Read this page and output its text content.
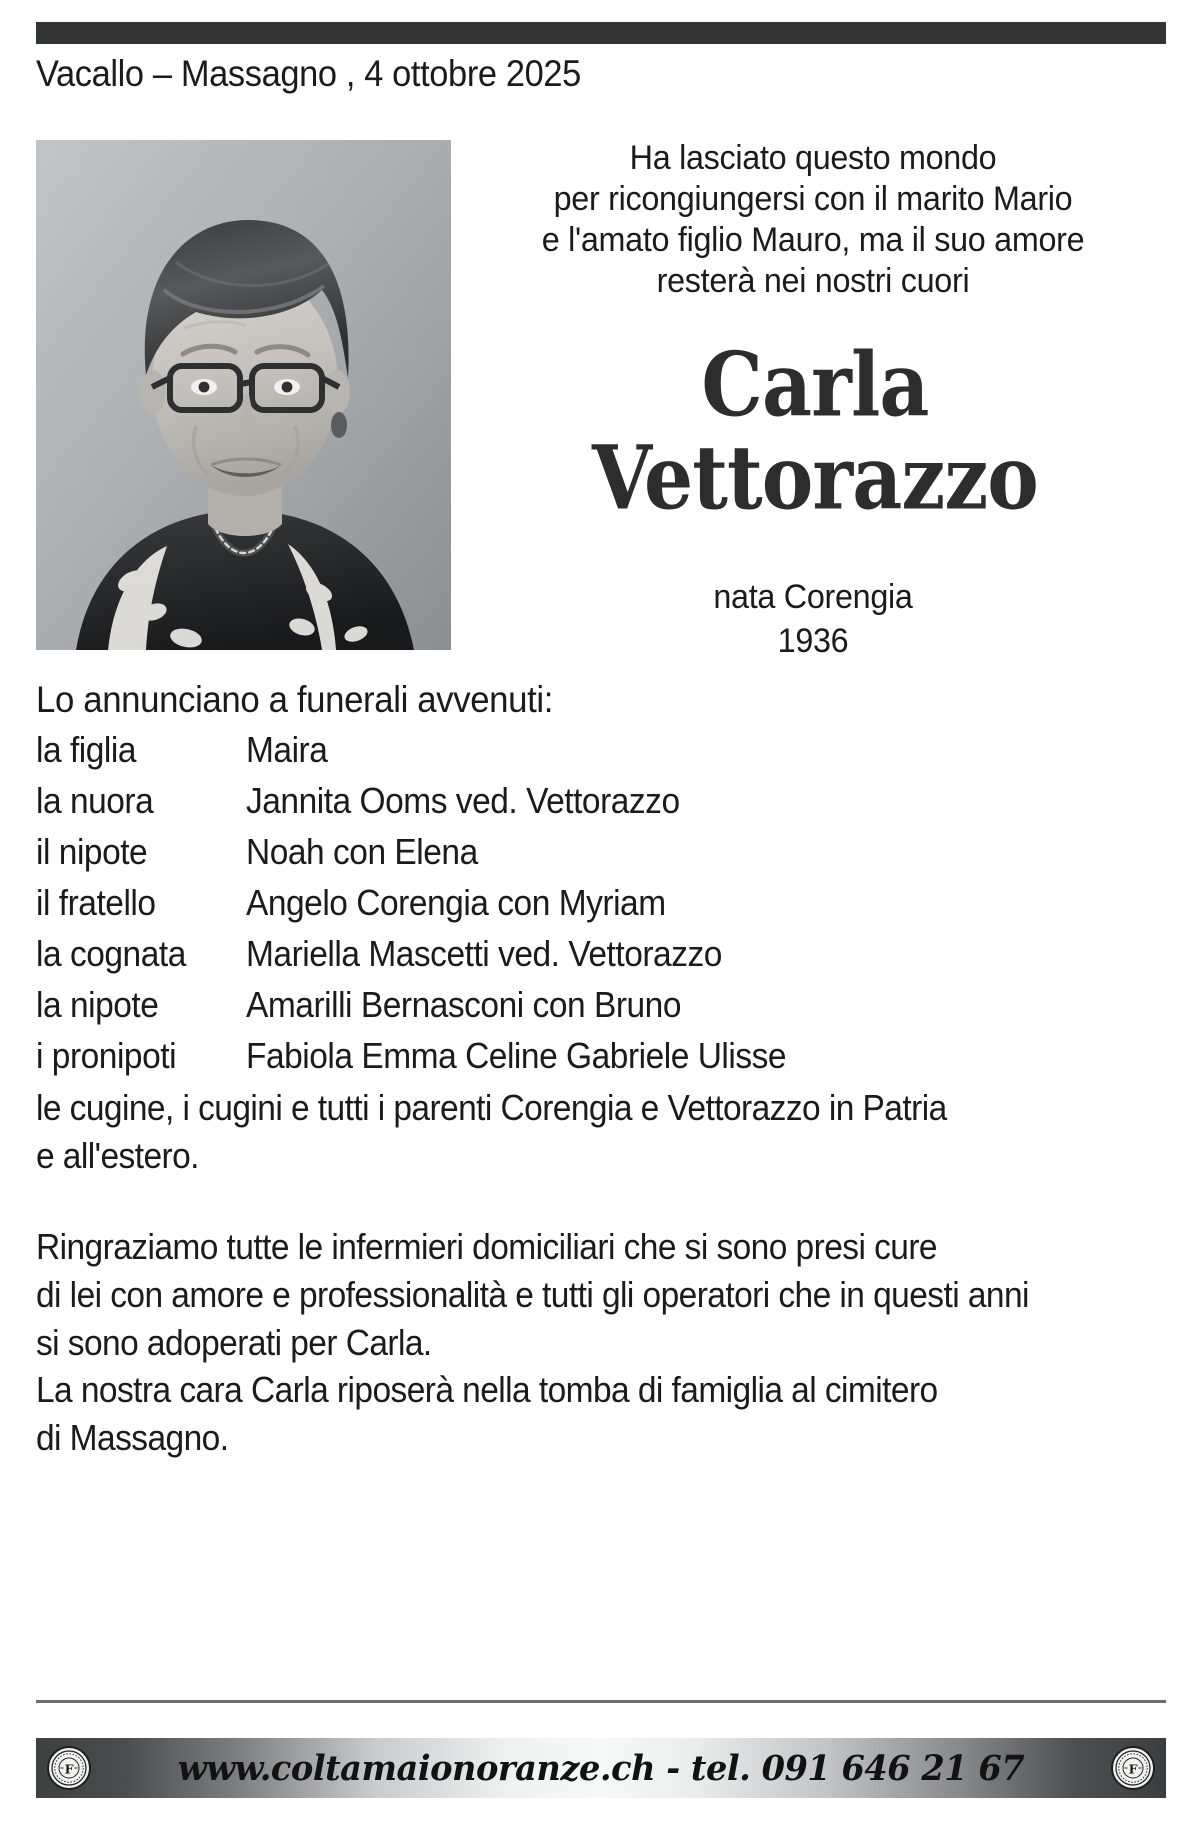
Vacallo – Massagno , 4 ottobre 2025
Ha lasciato questo mondo
per ricongiungersi con il marito Mario
e l'amato figlio Mauro, ma il suo amore
resterà nei nostri cuori
Carla
Vettorazzo
nata Corengia
1936
Lo annunciano a funerali avvenuti:
la figlia	Maira
la nuora	Jannita Ooms ved. Vettorazzo
il nipote	Noah con Elena
il fratello	Angelo Corengia con Myriam
la cognata	Mariella Mascetti ved. Vettorazzo
la nipote	Amarilli Bernasconi con Bruno
i pronipoti	Fabiola Emma Celine Gabriele Ulisse
le cugine, i cugini e tutti i parenti Corengia e Vettorazzo in Patria
e all'estero.
Ringraziamo tutte le infermieri domiciliari che si sono presi cure
di lei con amore e professionalità e tutti gli operatori che in questi anni
si sono adoperati per Carla.
La nostra cara Carla riposerà nella tomba di famiglia al cimitero
di Massagno.
F	www.coltamaionoranze.ch - tel. 091 646 21 67	F
